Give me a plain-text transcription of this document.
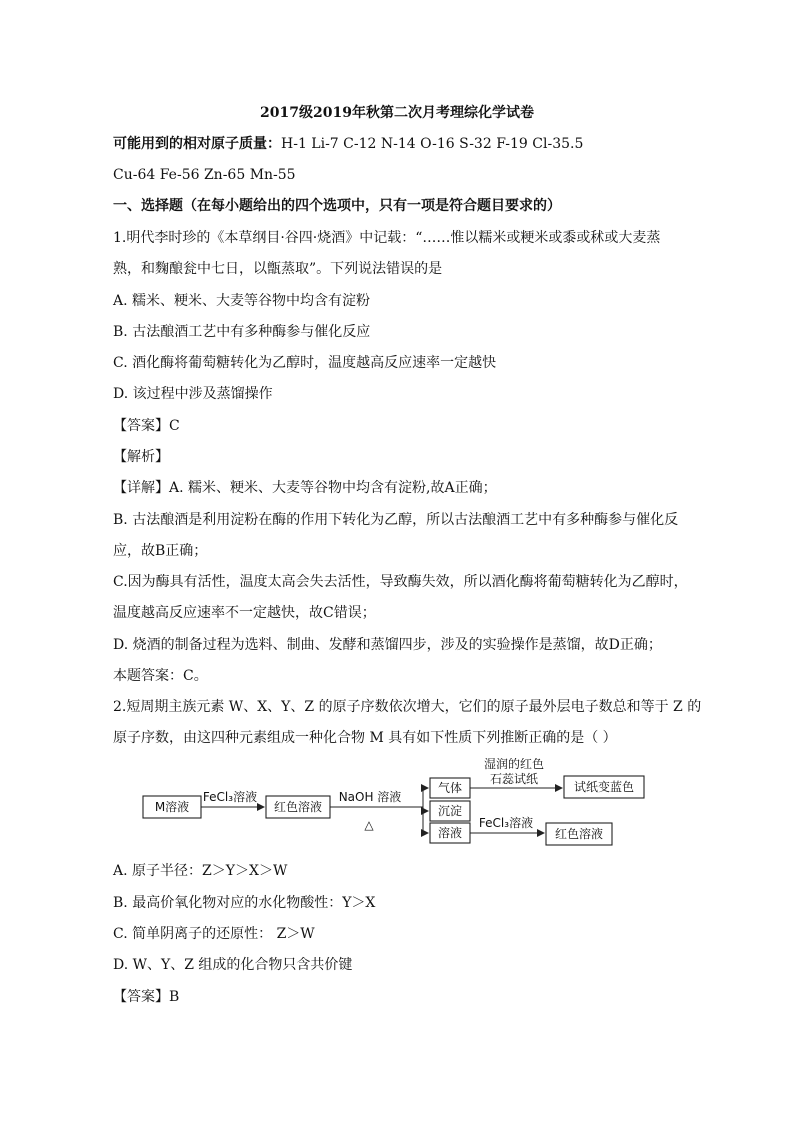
2017级2019年秋第二次月考理综化学试卷
可能用到的相对原子质量：H-1 Li-7 C-12 N-14 O-16 S-32 F-19 Cl-35.5
Cu-64 Fe-56 Zn-65 Mn-55
一、选择题（在每小题给出的四个选项中，只有一项是符合题目要求的）
1.明代李时珍的《本草纲目·谷四·烧酒》中记载：“……惟以糯米或粳米或黍或秫或大麦蒸
熟，和麴酿瓮中七日，以甑蒸取”。下列说法错误的是
A. 糯米、粳米、大麦等谷物中均含有淀粉
B. 古法酿酒工艺中有多种酶参与催化反应
C. 酒化酶将葡萄糖转化为乙醇时，温度越高反应速率一定越快
D. 该过程中涉及蒸馏操作
【答案】C
【解析】
【详解】A. 糯米、粳米、大麦等谷物中均含有淀粉,故A正确；
B. 古法酿酒是利用淀粉在酶的作用下转化为乙醇，所以古法酿酒工艺中有多种酶参与催化反
应，故B正确；
C.因为酶具有活性，温度太高会失去活性，导致酶失效，所以酒化酶将葡萄糖转化为乙醇时，
温度越高反应速率不一定越快，故C错误；
D. 烧酒的制备过程为选料、制曲、发酵和蒸馏四步，涉及的实验操作是蒸馏，故D正确；
本题答案：C。
2.短周期主族元素 W、X、Y、Z 的原子序数依次增大，它们的原子最外层电子数总和等于 Z 的
原子序数，由这四种元素组成一种化合物 M 具有如下性质下列推断正确的是（ ）
M溶液
FeCl₃溶液
红色溶液
NaOH 溶液
△
气体
沉淀
溶液
湿润的红色
石蕊试纸
试纸变蓝色
FeCl₃溶液
红色溶液
A. 原子半径：Z＞Y＞X＞W
B. 最高价氧化物对应的水化物酸性：Y＞X
C. 简单阴离子的还原性： Z＞W
D. W、Y、Z 组成的化合物只含共价键
【答案】B
